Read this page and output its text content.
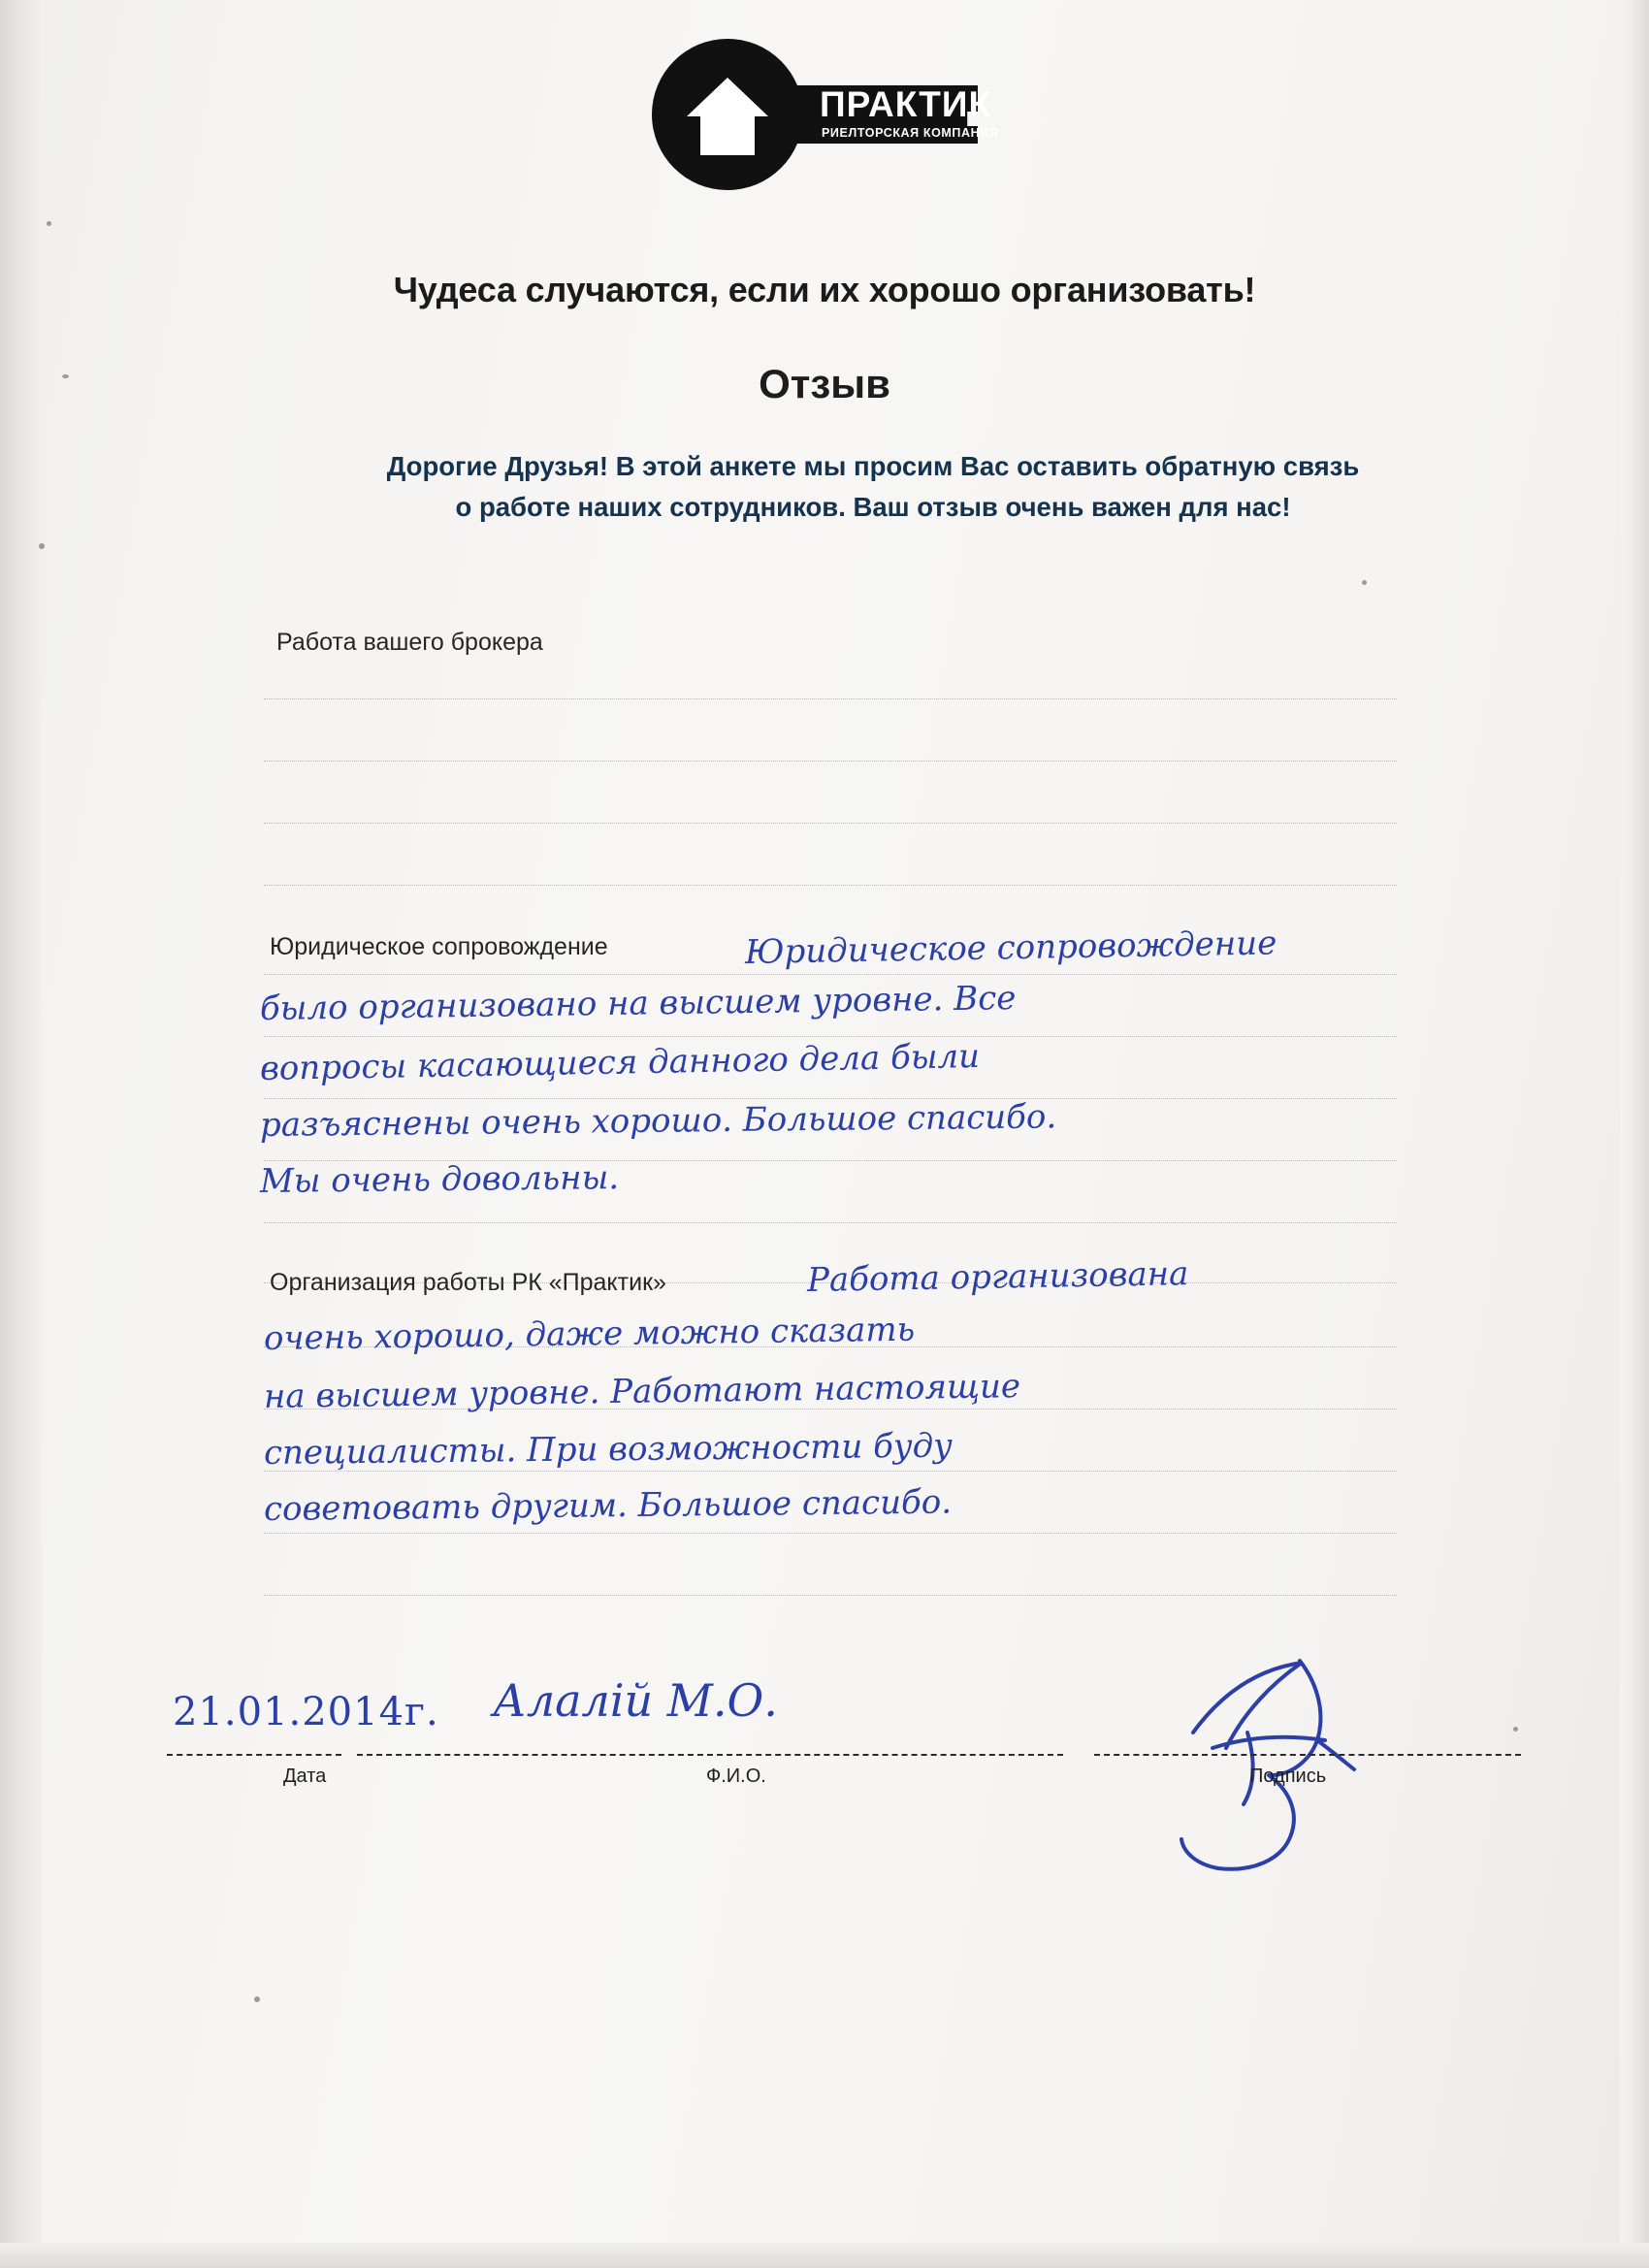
ПРАКТИК
РИЕЛТОРСКАЯ КОМПАНИЯ
Чудеса случаются, если их хорошо организовать!
Отзыв
Дорогие Друзья! В этой анкете мы просим Вас оставить обратную связь
о работе наших сотрудников. Ваш отзыв очень важен для нас!
Работа вашего брокера
Юридическое сопровождение	Юридическое сопровождение
было организовано на высшем уровне. Все
вопросы касающиеся данного дела были
разъяснены очень хорошо. Большое спасибо.
Мы очень довольны.
Организация работы РК «Практик»	Работа организована
очень хорошо, даже можно сказать
на высшем уровне. Работают настоящие
специалисты. При возможности буду
советовать другим. Большое спасибо.
21.01.2014г.
Дата
Алалiй М.О.
Ф.И.О.	Подпись
